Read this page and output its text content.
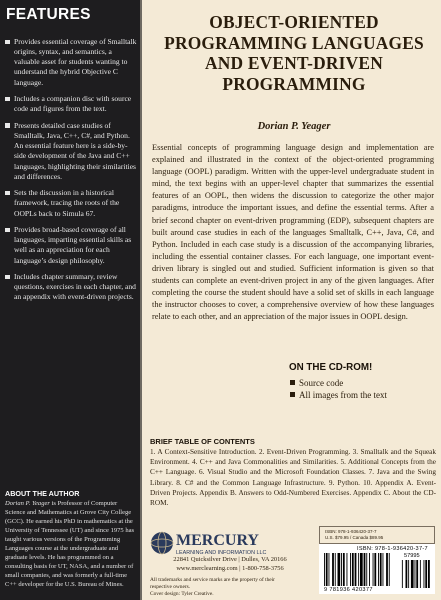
FEATURES
Provides essential coverage of Smalltalk origins, syntax, and semantics, a valuable asset for students wanting to understand the hybrid Objective C language.
Includes a companion disc with source code and figures from the text.
Presents detailed case studies of Smalltalk, Java, C++, C#, and Python. An essential feature here is a side-by-side development of the Java and C++ languages, highlighting their similarities and differences.
Sets the discussion in a historical framework, tracing the roots of the OOPLs back to Simula 67.
Provides broad-based coverage of all languages, imparting essential skills as well as an appreciation for each language’s design philosophy.
Includes chapter summary, review questions, exercises in each chapter, and an appendix with event-driven projects.
ABOUT THE AUTHOR
Dorian P. Yeager is Professor of Computer Science and Mathematics at Grove City College (GCC). He earned his PhD in mathematics at the University of Tennessee (UT) and since 1975 has taught various versions of the Programming Languages course at the undergraduate and graduate levels. He has programmed on a consulting basis for UT, NASA, and a number of small companies, and was formerly a full-time C++ developer for the U.S. Bureau of Mines.
OBJECT-ORIENTED
PROGRAMMING LANGUAGES
AND EVENT-DRIVEN
PROGRAMMING
Dorian P. Yeager
Essential concepts of programming language design and implementation are explained and illustrated in the context of the object-oriented programming language (OOPL) paradigm. Written with the upper-level undergraduate student in mind, the text begins with an upper-level chapter that summarizes the essential features of an OOPL, then widens the discussion to categorize the other major paradigms, introduce the important issues, and define the essential terms. After a brief second chapter on event-driven programming (EDP), subsequent chapters are built around case studies in each of the languages Smalltalk, C++, Java, C#, and Python. Included in each case study is a discussion of the accompanying libraries, including the essential container classes. For each language, one important event-driven library is singled out and studied. Sufficient information is given so that students can complete an event-driven project in any of the given languages. After completing the course the student should have a solid set of skills in each language the instructor chooses to cover, a comprehensive overview of how these languages relate to each other, and an appreciation of the major issues in OOPL design.
ON THE CD-ROM!
Source code
All images from the text
BRIEF TABLE OF CONTENTS
1. A Context-Sensitive Introduction. 2. Event-Driven Programming. 3. Smalltalk and the Squeak Environment. 4. C++ and Java Commonalities and Similarities. 5. Additional Concepts from the C++ Language. 6. Visual Studio and the Microsoft Foundation Classes. 7. Java and the Swing Library. 8. C# and the Common Language Infrastructure. 9. Python. 10. Appendix A. Event-Driven Projects. Appendix B. Answers to Odd-Numbered Exercises. Appendix C. About the CD-ROM.
MERCURY
LEARNING AND INFORMATION LLC
22841 Quicksilver Drive | Dulles, VA 20166
www.merclearning.com | 1-800-758-3756
All trademarks and service marks are the property of their respective owners.
Cover design: Tyler Creative.
ISBN: 978-1-936420-37-7
U.S. $79.95 / Canada $89.95
ISBN: 978-1-936420-37-7
57995
9 781936 420377
